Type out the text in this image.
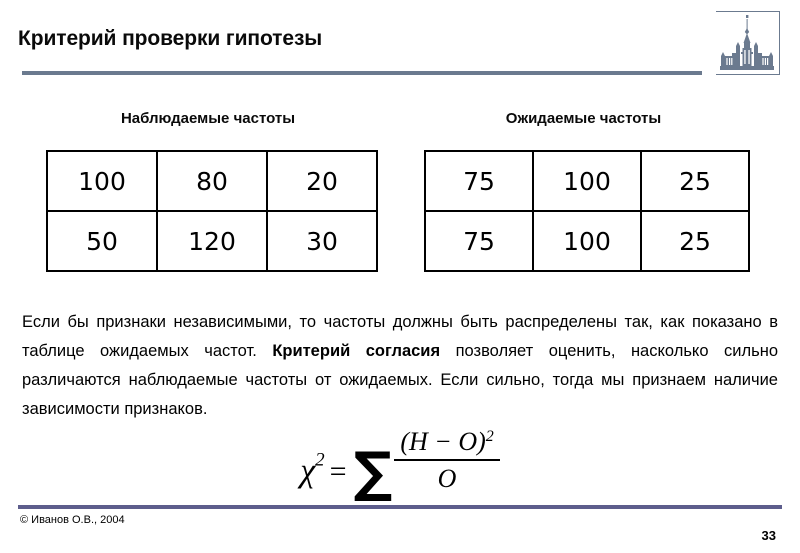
Критерий проверки гипотезы
Наблюдаемые частоты	Ожидаемые частоты
100	80	20
50	120	30
75	100	25
75	100	25
Если бы признаки независимыми, то частоты должны быть распределены так, как показано в таблице ожидаемых частот. Критерий согласия позволяет оценить, насколько сильно различаются наблюдаемые частоты от ожидаемых. Если сильно, тогда мы признаем наличие зависимости признаков.
χ2 = ∑ $\frac{(H - O)^2}{O}$
© Иванов О.В., 2004
33
